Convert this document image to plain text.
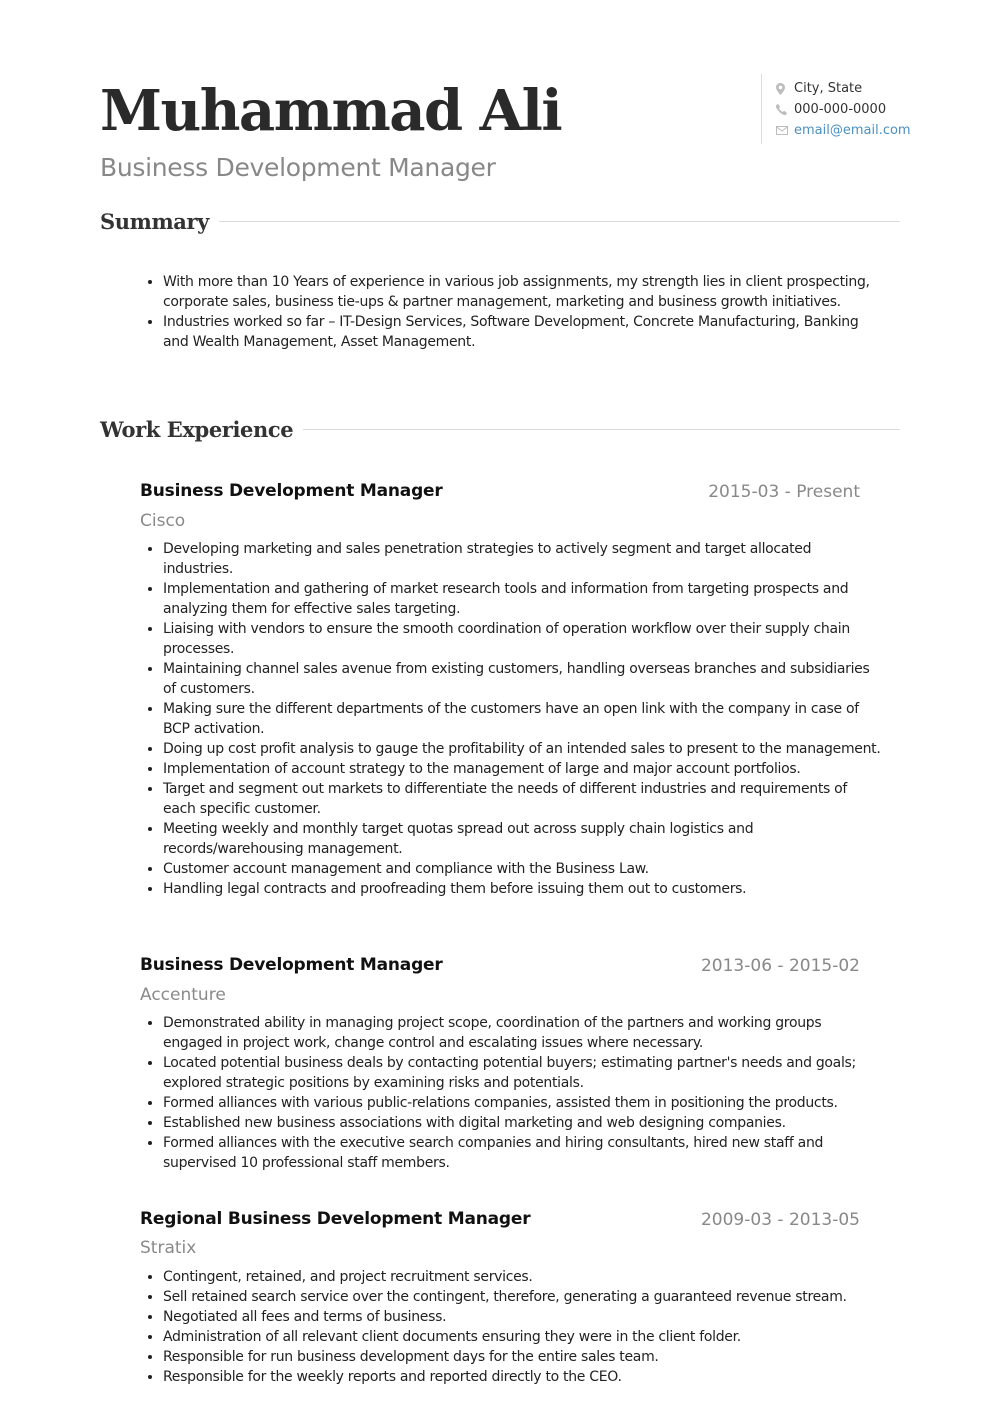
Muhammad Ali
Business Development Manager
City, State
000-000-0000
email@email.com
Summary
• With more than 10 Years of experience in various job assignments, my strength lies in client prospecting, corporate sales, business tie-ups & partner management, marketing and business growth initiatives.
• Industries worked so far – IT-Design Services, Software Development, Concrete Manufacturing, Banking and Wealth Management, Asset Management.
Work Experience
Business Development Manager	2015-03 - Present
Cisco
• Developing marketing and sales penetration strategies to actively segment and target allocated industries.
• Implementation and gathering of market research tools and information from targeting prospects and analyzing them for effective sales targeting.
• Liaising with vendors to ensure the smooth coordination of operation workflow over their supply chain processes.
• Maintaining channel sales avenue from existing customers, handling overseas branches and subsidiaries of customers.
• Making sure the different departments of the customers have an open link with the company in case of BCP activation.
• Doing up cost profit analysis to gauge the profitability of an intended sales to present to the management.
• Implementation of account strategy to the management of large and major account portfolios.
• Target and segment out markets to differentiate the needs of different industries and requirements of each specific customer.
• Meeting weekly and monthly target quotas spread out across supply chain logistics and records/warehousing management.
• Customer account management and compliance with the Business Law.
• Handling legal contracts and proofreading them before issuing them out to customers.
Business Development Manager	2013-06 - 2015-02
Accenture
• Demonstrated ability in managing project scope, coordination of the partners and working groups engaged in project work, change control and escalating issues where necessary.
• Located potential business deals by contacting potential buyers; estimating partner's needs and goals; explored strategic positions by examining risks and potentials.
• Formed alliances with various public-relations companies, assisted them in positioning the products.
• Established new business associations with digital marketing and web designing companies.
• Formed alliances with the executive search companies and hiring consultants, hired new staff and supervised 10 professional staff members.
Regional Business Development Manager	2009-03 - 2013-05
Stratix
• Contingent, retained, and project recruitment services.
• Sell retained search service over the contingent, therefore, generating a guaranteed revenue stream.
• Negotiated all fees and terms of business.
• Administration of all relevant client documents ensuring they were in the client folder.
• Responsible for run business development days for the entire sales team.
• Responsible for the weekly reports and reported directly to the CEO.
